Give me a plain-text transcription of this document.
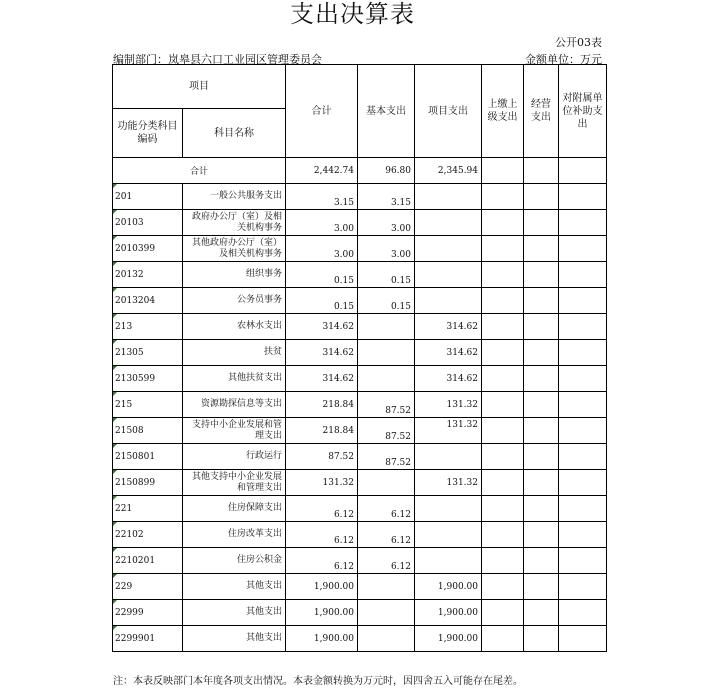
支出决算表
公开03表
编制部门：岚皋县六口工业园区管理委员会	金额单位：万元
项目		合计	基本支出	项目支出	上缴上级支出	经营支出	对附属单位补助支出
功能分类科目编码	科目名称						
合计		2,442.74	96.80	2,345.94			
201	一般公共服务支出	3.15	3.15				
20103	政府办公厅（室）及相关机构事务	3.00	3.00				
2010399	其他政府办公厅（室）及相关机构事务	3.00	3.00				
20132	组织事务	0.15	0.15				
2013204	公务员事务	0.15	0.15				
213	农林水支出	314.62		314.62			
21305	扶贫	314.62		314.62			
2130599	其他扶贫支出	314.62		314.62			
215	资源勘探信息等支出	218.84	87.52	131.32			
21508	支持中小企业发展和管理支出	218.84	87.52	131.32			
2150801	行政运行	87.52	87.52				
2150899	其他支持中小企业发展和管理支出	131.32		131.32			
221	住房保障支出	6.12	6.12				
22102	住房改革支出	6.12	6.12				
2210201	住房公积金	6.12	6.12				
229	其他支出	1,900.00		1,900.00			
22999	其他支出	1,900.00		1,900.00			
2299901	其他支出	1,900.00		1,900.00			
注：本表反映部门本年度各项支出情况。本表金额转换为万元时，因四舍五入可能存在尾差。
